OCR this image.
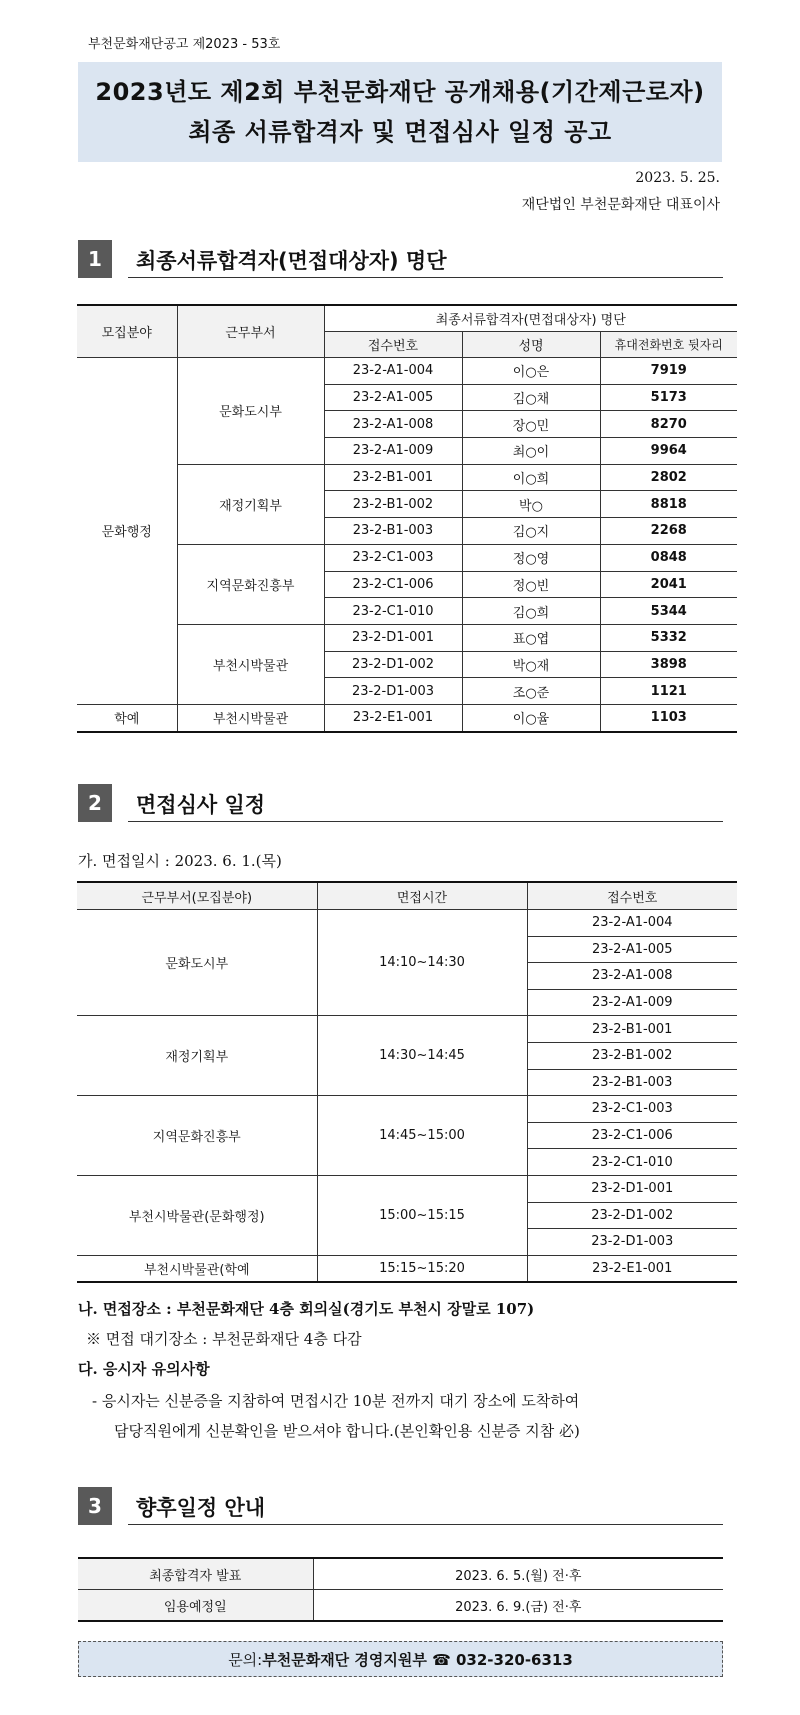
부천문화재단공고 제2023 - 53호
2023년도 제2회 부천문화재단 공개채용(기간제근로자)
최종 서류합격자 및 면접심사 일정 공고
2023. 5. 25.
재단법인 부천문화재단 대표이사
1	최종서류합격자(면접대상자) 명단
모집분야	근무부서	최종서류합격자(면접대상자) 명단		
		접수번호	성명	휴대전화번호 뒷자리
문화행정	문화도시부	23-2-A1-004	이○은	7919
		23-2-A1-005	김○채	5173
		23-2-A1-008	장○민	8270
		23-2-A1-009	최○이	9964
	재정기획부	23-2-B1-001	이○희	2802
		23-2-B1-002	박○	8818
		23-2-B1-003	김○지	2268
	지역문화진흥부	23-2-C1-003	정○영	0848
		23-2-C1-006	정○빈	2041
		23-2-C1-010	김○희	5344
	부천시박물관	23-2-D1-001	표○엽	5332
		23-2-D1-002	박○재	3898
		23-2-D1-003	조○준	1121
학예	부천시박물관	23-2-E1-001	이○율	1103
2	면접심사 일정
가. 면접일시 : 2023. 6. 1.(목)
근무부서(모집분야)	면접시간	접수번호
문화도시부	14:10~14:30	23-2-A1-004
		23-2-A1-005
		23-2-A1-008
		23-2-A1-009
재정기획부	14:30~14:45	23-2-B1-001
		23-2-B1-002
		23-2-B1-003
지역문화진흥부	14:45~15:00	23-2-C1-003
		23-2-C1-006
		23-2-C1-010
부천시박물관(문화행정)	15:00~15:15	23-2-D1-001
		23-2-D1-002
		23-2-D1-003
부천시박물관(학예	15:15~15:20	23-2-E1-001
나. 면접장소 : 부천문화재단 4층 회의실(경기도 부천시 장말로 107)
※ 면접 대기장소 : 부천문화재단 4층 다감
다. 응시자 유의사항
- 응시자는 신분증을 지참하여 면접시간 10분 전까지 대기 장소에 도착하여
담당직원에게 신분확인을 받으셔야 합니다.(본인확인용 신분증 지참 必)
3	향후일정 안내
최종합격자 발표	2023. 6. 5.(월) 전·후
임용예정일	2023. 6. 9.(금) 전·후
문의: 부천문화재단 경영지원부 ☎ 032-320-6313
